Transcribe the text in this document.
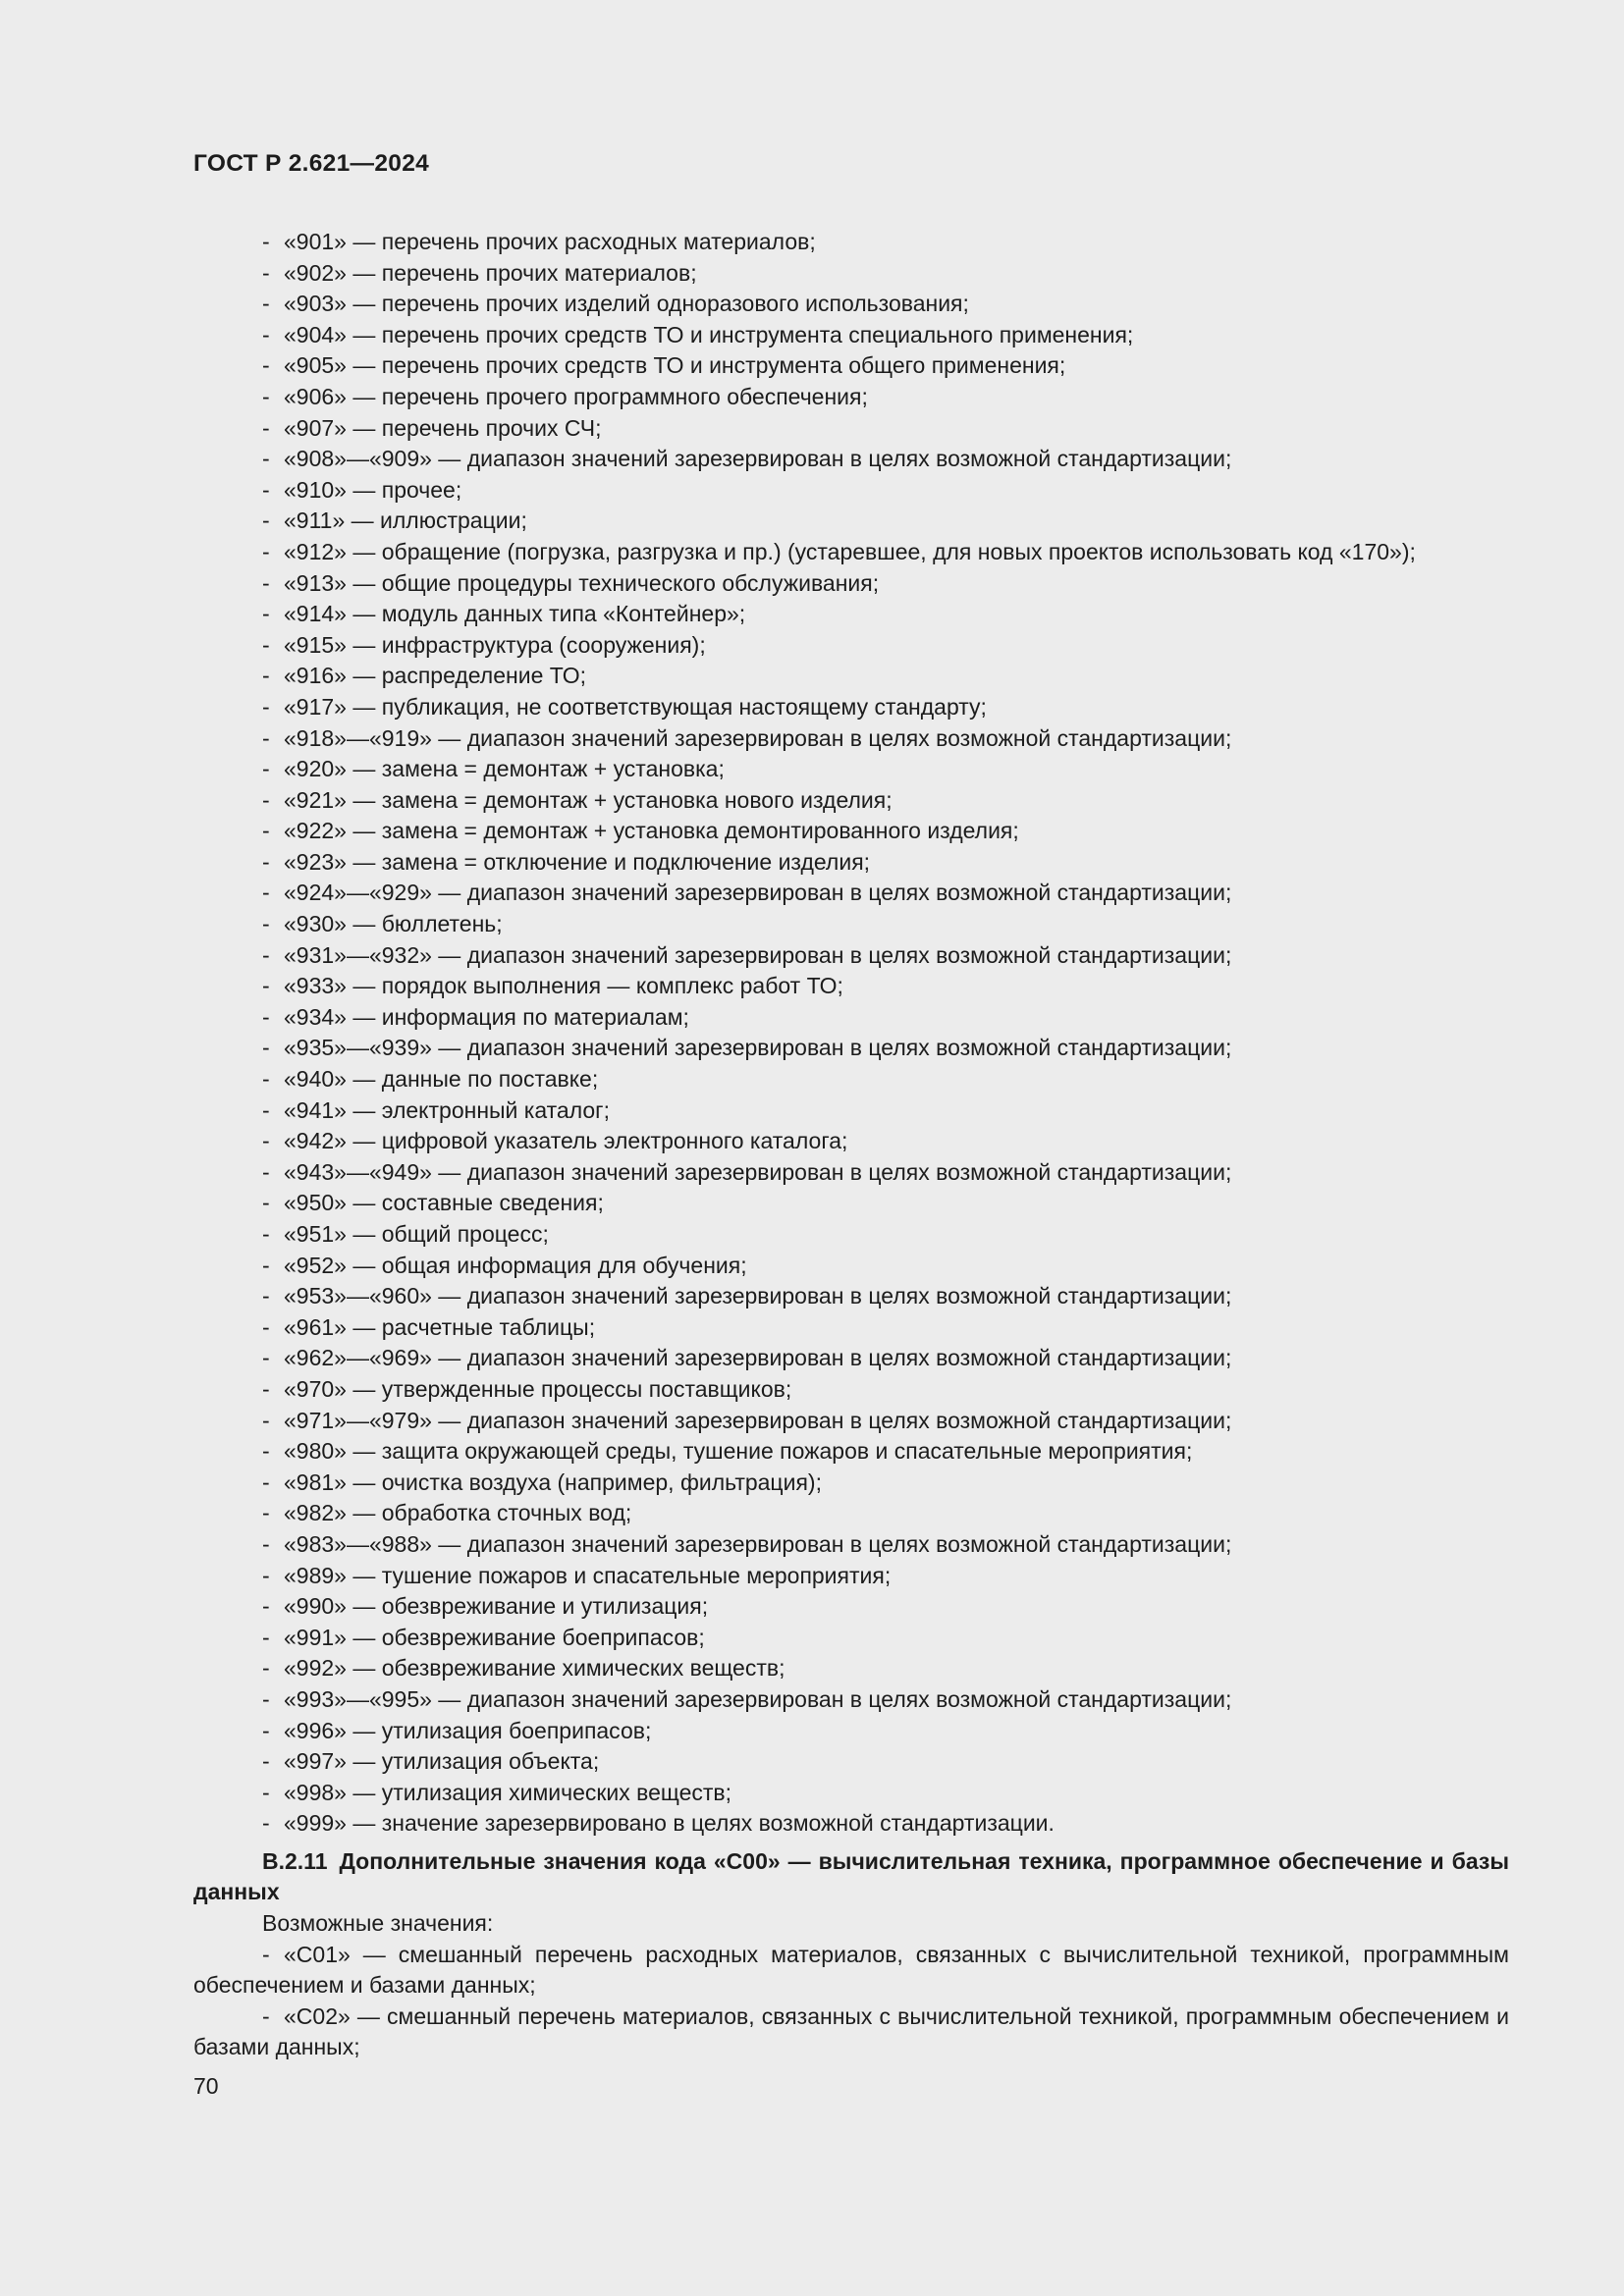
ГОСТ Р 2.621—2024
- «901» — перечень прочих расходных материалов;
- «902» — перечень прочих материалов;
- «903» — перечень прочих изделий одноразового использования;
- «904» — перечень прочих средств ТО и инструмента специального применения;
- «905» — перечень прочих средств ТО и инструмента общего применения;
- «906» — перечень прочего программного обеспечения;
- «907» — перечень прочих СЧ;
- «908»—«909» — диапазон значений зарезервирован в целях возможной стандартизации;
- «910» — прочее;
- «911» — иллюстрации;
- «912» — обращение (погрузка, разгрузка и пр.) (устаревшее, для новых проектов использовать код «170»);
- «913» — общие процедуры технического обслуживания;
- «914» — модуль данных типа «Контейнер»;
- «915» — инфраструктура (сооружения);
- «916» — распределение ТО;
- «917» — публикация, не соответствующая настоящему стандарту;
- «918»—«919» — диапазон значений зарезервирован в целях возможной стандартизации;
- «920» — замена = демонтаж + установка;
- «921» — замена = демонтаж + установка нового изделия;
- «922» — замена = демонтаж + установка демонтированного изделия;
- «923» — замена = отключение и подключение изделия;
- «924»—«929» — диапазон значений зарезервирован в целях возможной стандартизации;
- «930» — бюллетень;
- «931»—«932» — диапазон значений зарезервирован в целях возможной стандартизации;
- «933» — порядок выполнения — комплекс работ ТО;
- «934» — информация по материалам;
- «935»—«939» — диапазон значений зарезервирован в целях возможной стандартизации;
- «940» — данные по поставке;
- «941» — электронный каталог;
- «942» — цифровой указатель электронного каталога;
- «943»—«949» — диапазон значений зарезервирован в целях возможной стандартизации;
- «950» — составные сведения;
- «951» — общий процесс;
- «952» — общая информация для обучения;
- «953»—«960» — диапазон значений зарезервирован в целях возможной стандартизации;
- «961» — расчетные таблицы;
- «962»—«969» — диапазон значений зарезервирован в целях возможной стандартизации;
- «970» — утвержденные процессы поставщиков;
- «971»—«979» — диапазон значений зарезервирован в целях возможной стандартизации;
- «980» — защита окружающей среды, тушение пожаров и спасательные мероприятия;
- «981» — очистка воздуха (например, фильтрация);
- «982» — обработка сточных вод;
- «983»—«988» — диапазон значений зарезервирован в целях возможной стандартизации;
- «989» — тушение пожаров и спасательные мероприятия;
- «990» — обезвреживание и утилизация;
- «991» — обезвреживание боеприпасов;
- «992» — обезвреживание химических веществ;
- «993»—«995» — диапазон значений зарезервирован в целях возможной стандартизации;
- «996» — утилизация боеприпасов;
- «997» — утилизация объекта;
- «998» — утилизация химических веществ;
- «999» — значение зарезервировано в целях возможной стандартизации.

В.2.11 Дополнительные значения кода «С00» — вычислительная техника, программное обеспечение и базы данных

Возможные значения:

- «С01» — смешанный перечень расходных материалов, связанных с вычислительной техникой, программным обеспечением и базами данных;
- «С02» — смешанный перечень материалов, связанных с вычислительной техникой, программным обеспечением и базами данных;
70
